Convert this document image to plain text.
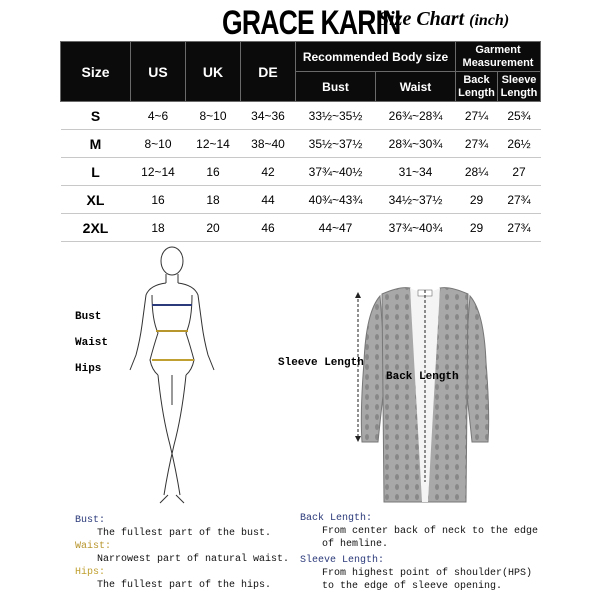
GRACE KARIN
Size Chart (inch)
Size	US	UK	DE	Recommended Body size		Garment Measurement	
				Bust	Waist	Back Length	Sleeve Length
S	4~6	8~10	34~36	33½~35½	26¾~28¾	27¼	25¾
M	8~10	12~14	38~40	35½~37½	28¾~30¾	27¾	26½
L	12~14	16	42	37¾~40½	31~34	28¼	27
XL	16	18	44	40¾~43¾	34½~37½	29	27¾
2XL	18	20	46	44~47	37¾~40¾	29	27¾
Bust
Waist
Hips	Sleeve Length
Back Length
Bust:
The fullest part of the bust.
Waist:
Narrowest part of natural waist.
Hips:
The fullest part of the hips.
Back Length:
From center back of neck to the edge
of hemline.
Sleeve Length:
From highest point of shoulder(HPS)
to the edge of sleeve opening.
